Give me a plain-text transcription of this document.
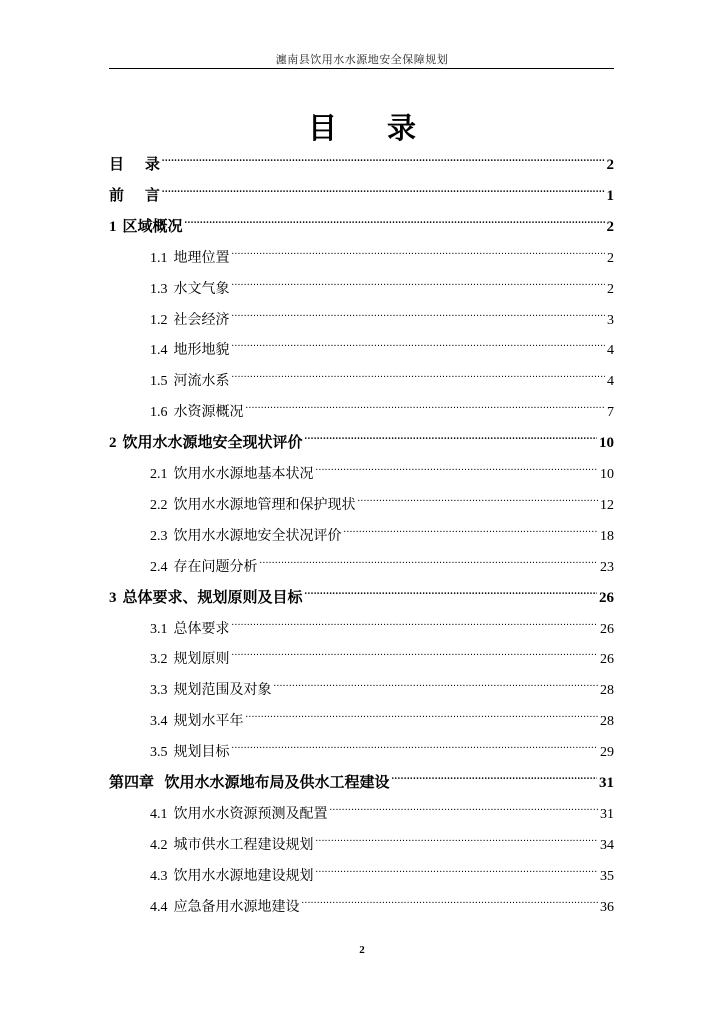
瀍南县饮用水水源地安全保障规划
目 录
目    录 .....	2
前    言 .....	1
1 区域概况 .....	2
1.1 地理位置 .....	2
1.3 水文气象 .....	2
1.2 社会经济 .....	3
1.4 地形地貌 .....	4
1.5 河流水系 .....	4
1.6 水资源概况 .....	7
2 饮用水水源地安全现状评价 .....	10
2.1 饮用水水源地基本状况 .....	10
2.2 饮用水水源地管理和保护现状 .....	12
2.3 饮用水水源地安全状况评价 .....	18
2.4 存在问题分析 .....	23
3 总体要求、规划原则及目标 .....	26
3.1 总体要求 .....	26
3.2 规划原则 .....	26
3.3 规划范围及对象 .....	28
3.4 规划水平年 .....	28
3.5 规划目标 .....	29
第四章  饮用水水源地布局及供水工程建设 .....	31
4.1 饮用水水资源预测及配置 .....	31
4.2 城市供水工程建设规划 .....	34
4.3 饮用水水源地建设规划 .....	35
4.4 应急备用水源地建设 .....	36
2
